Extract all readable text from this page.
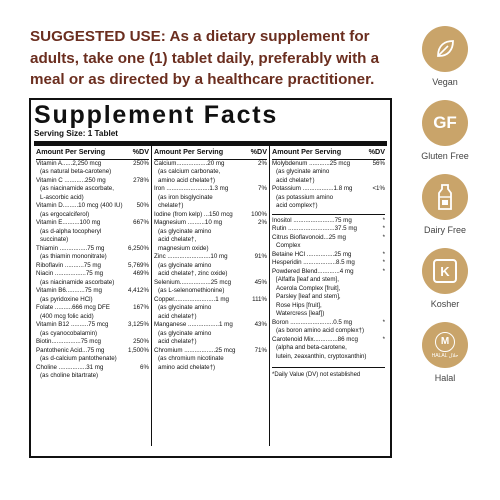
SUGGESTED USE: As a dietary supplement for adults, take one (1) tablet daily, preferably with a meal or as directed by a healthcare practitioner.
Supplement Facts
Serving Size: 1 Tablet
Amount Per Serving	%DV
Vitamin A......2,250 mcg	250%
(as natural beta-carotene)
Vitamin C ............250 mg	278%
(as niacinamide ascorbate,
L-ascorbic acid)
Vitamin D.........10 mcg (400 IU) 50%
(as ergocalciferol)
Vitamin E..........100 mg	667%
(as d-alpha tocopheryl
succinate)
Thiamin ................75 mg	6,250%
(as thiamin mononitrate)
Riboflavin ...........75 mg	5,769%
Niacin ..................75 mg	469%
(as niacinamide ascorbate)
Vitamin B6...........75 mg	4,412%
(as pyridoxine HCl)
Folate ..........666 mcg DFE	167%
(400 mcg folic acid)
Vitamin B12 ..........75 mcg	3,125%
(as cyanocobalamin)
Biotin.................75 mcg	250%
Pantothenic Acid...75 mg	1,500%
(as d-calcium pantothenate)
Choline ................31 mg	6%
(as choline bitartrate)
Amount Per Serving	%DV
Calcium..................20 mg	2%
(as calcium carbonate,
amino acid chelate†)
Iron .........................1.3 mg	7%
(as iron bisglycinate
chelate†)
Iodine (from kelp) ...150 mcg	100%
Magnesium ..........10 mg	2%
(as glycinate amino
acid chelate†,
magnesium oxide)
Zinc .........................10 mg	91%
(as glycinate amino
acid chelate†, zinc oxide)
Selenium..................25 mcg	45%
(as L-selenomethionine)
Copper........................1 mg	111%
(as glycinate amino
acid chelate†)
Manganese ..................1 mg	43%
(as glycinate amino
acid chelate†)
Chromium ..................25 mcg	71%
(as chromium nicotinate
amino acid chelate†)
Amount Per Serving	%DV
Molybdenum ............25 mcg	56%
(as glycinate amino
acid chelate†)
Potassium ..................1.8 mg	<1%
(as potassium amino
acid complex†)
Inositol ........................75 mg	*
Rutin ...........................37.5 mg	*
Citrus Bioflavonoid...25 mg	*
Complex
Betaine HCl ................25 mg	*
Hesperidin ...................8.5 mg	*
Powdered Blend.............4 mg	*
[Alfalfa [leaf and stem],
Acerola Complex [fruit],
Parsley [leaf and stem],
Rose Hips [fruit],
Watercress [leaf])
Boron .........................0.5 mg	*
(as boron amino acid complex†)
Carotenoid Mix..............86 mcg	*
(alpha and beta-carotene,
lutein, zeaxanthin, cryptoxanthin)
*Daily Value (DV) not established
Vegan
GF
Gluten Free
Dairy Free
K
Kosher
M
HALAL حلال
Halal
